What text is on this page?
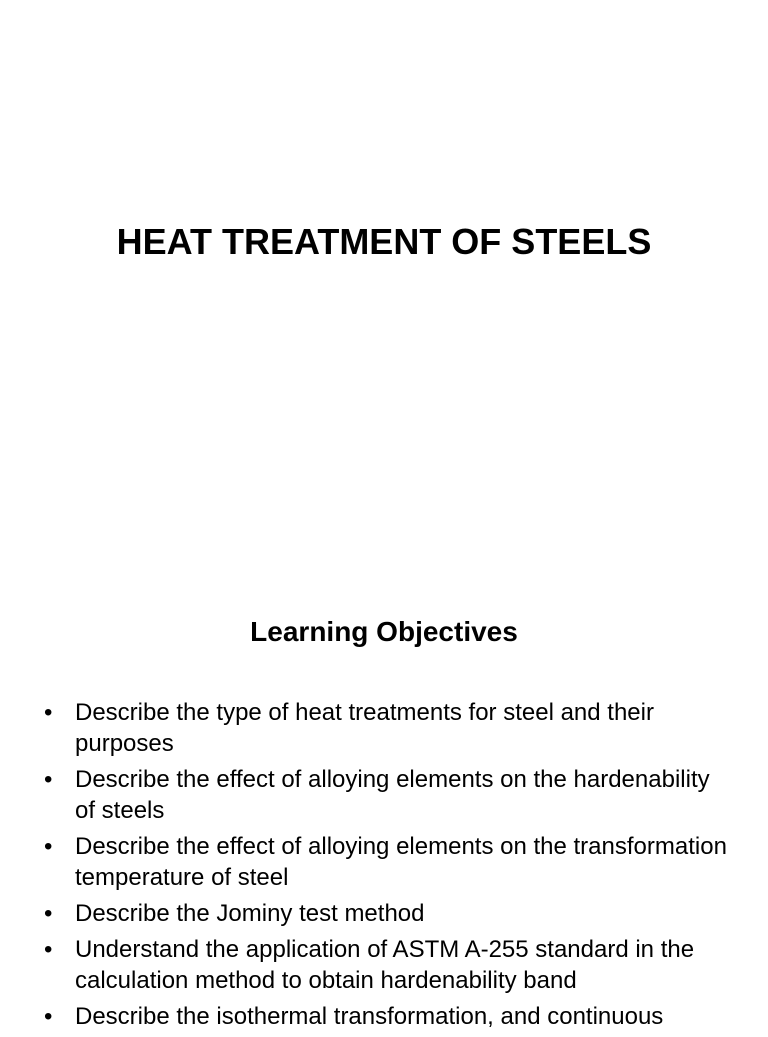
HEAT TREATMENT OF STEELS
Learning Objectives
• Describe the type of heat treatments for steel and their purposes
• Describe the effect of alloying elements on the hardenability of steels
• Describe the effect of alloying elements on the transformation temperature of steel
• Describe the Jominy test method
• Understand the application of ASTM A-255 standard in the calculation method to obtain hardenability band
• Describe the isothermal transformation, and continuous
